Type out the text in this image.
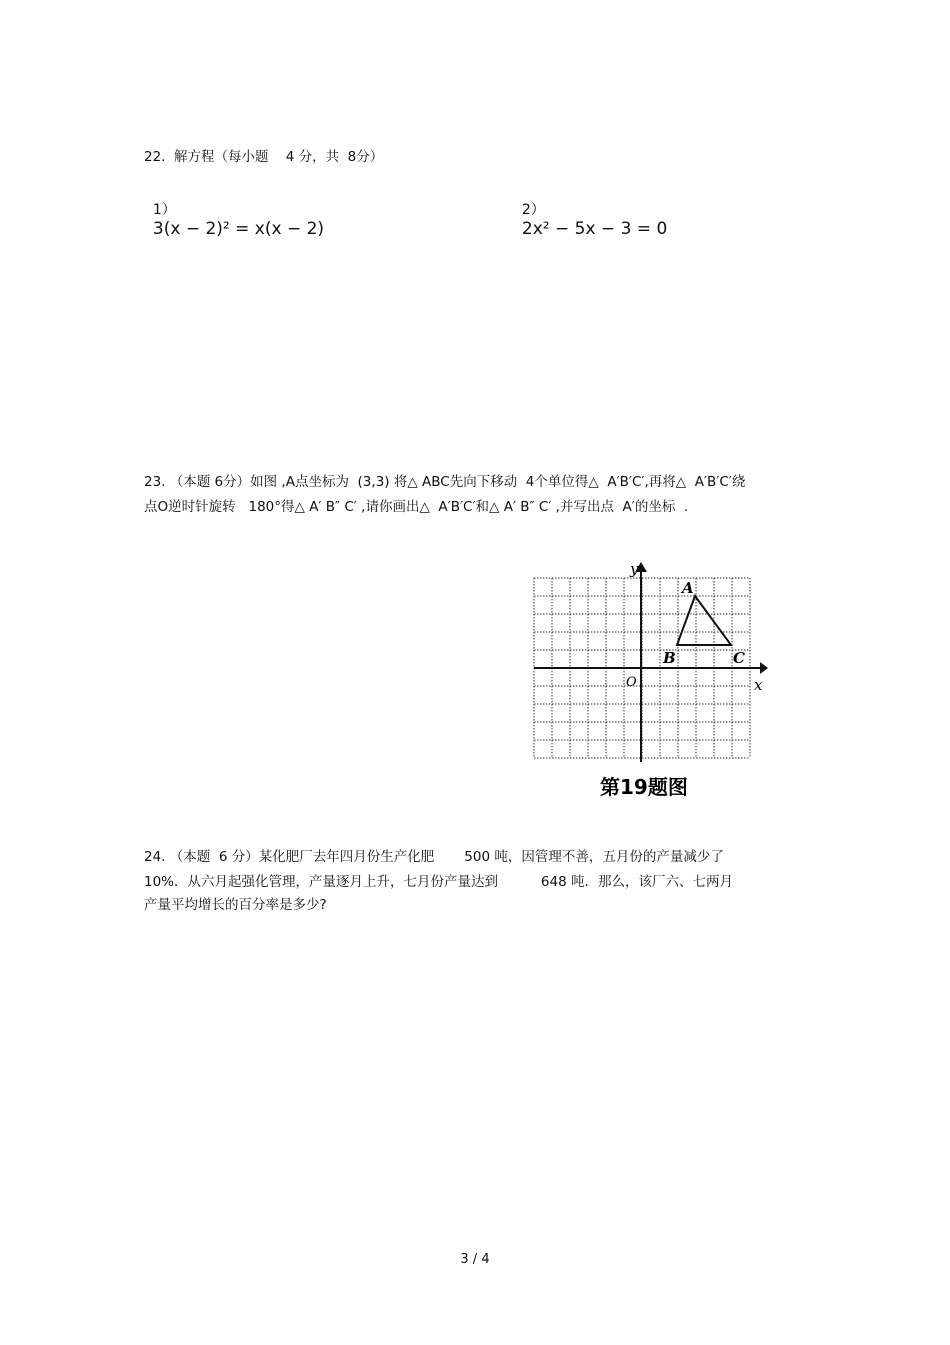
22.  解方程（每小题    4 分，共  8分）

1）
3(x − 2)² = x(x − 2)

2）
2x² − 5x − 3 = 0

23. （本题 6分）如图 ,A点坐标为  (3,3) 将△ ABC先向下移动  4个单位得△  A′B′C′,再将△  A′B′C′绕
点O逆时针旋转   180°得△ A′ B″ C′ ,请你画出△  A′B′C′和△ A′ B″ C′ ,并写出点  A′的坐标  .
y
x
O
A
B	C
第19题图
24. （本题  6 分）某化肥厂去年四月份生产化肥       500 吨，因管理不善，五月份的产量减少了
10%．从六月起强化管理，产量逐月上升，七月份产量达到          648 吨．那么，该厂六、七两月
产量平均增长的百分率是多少?
3 / 4
